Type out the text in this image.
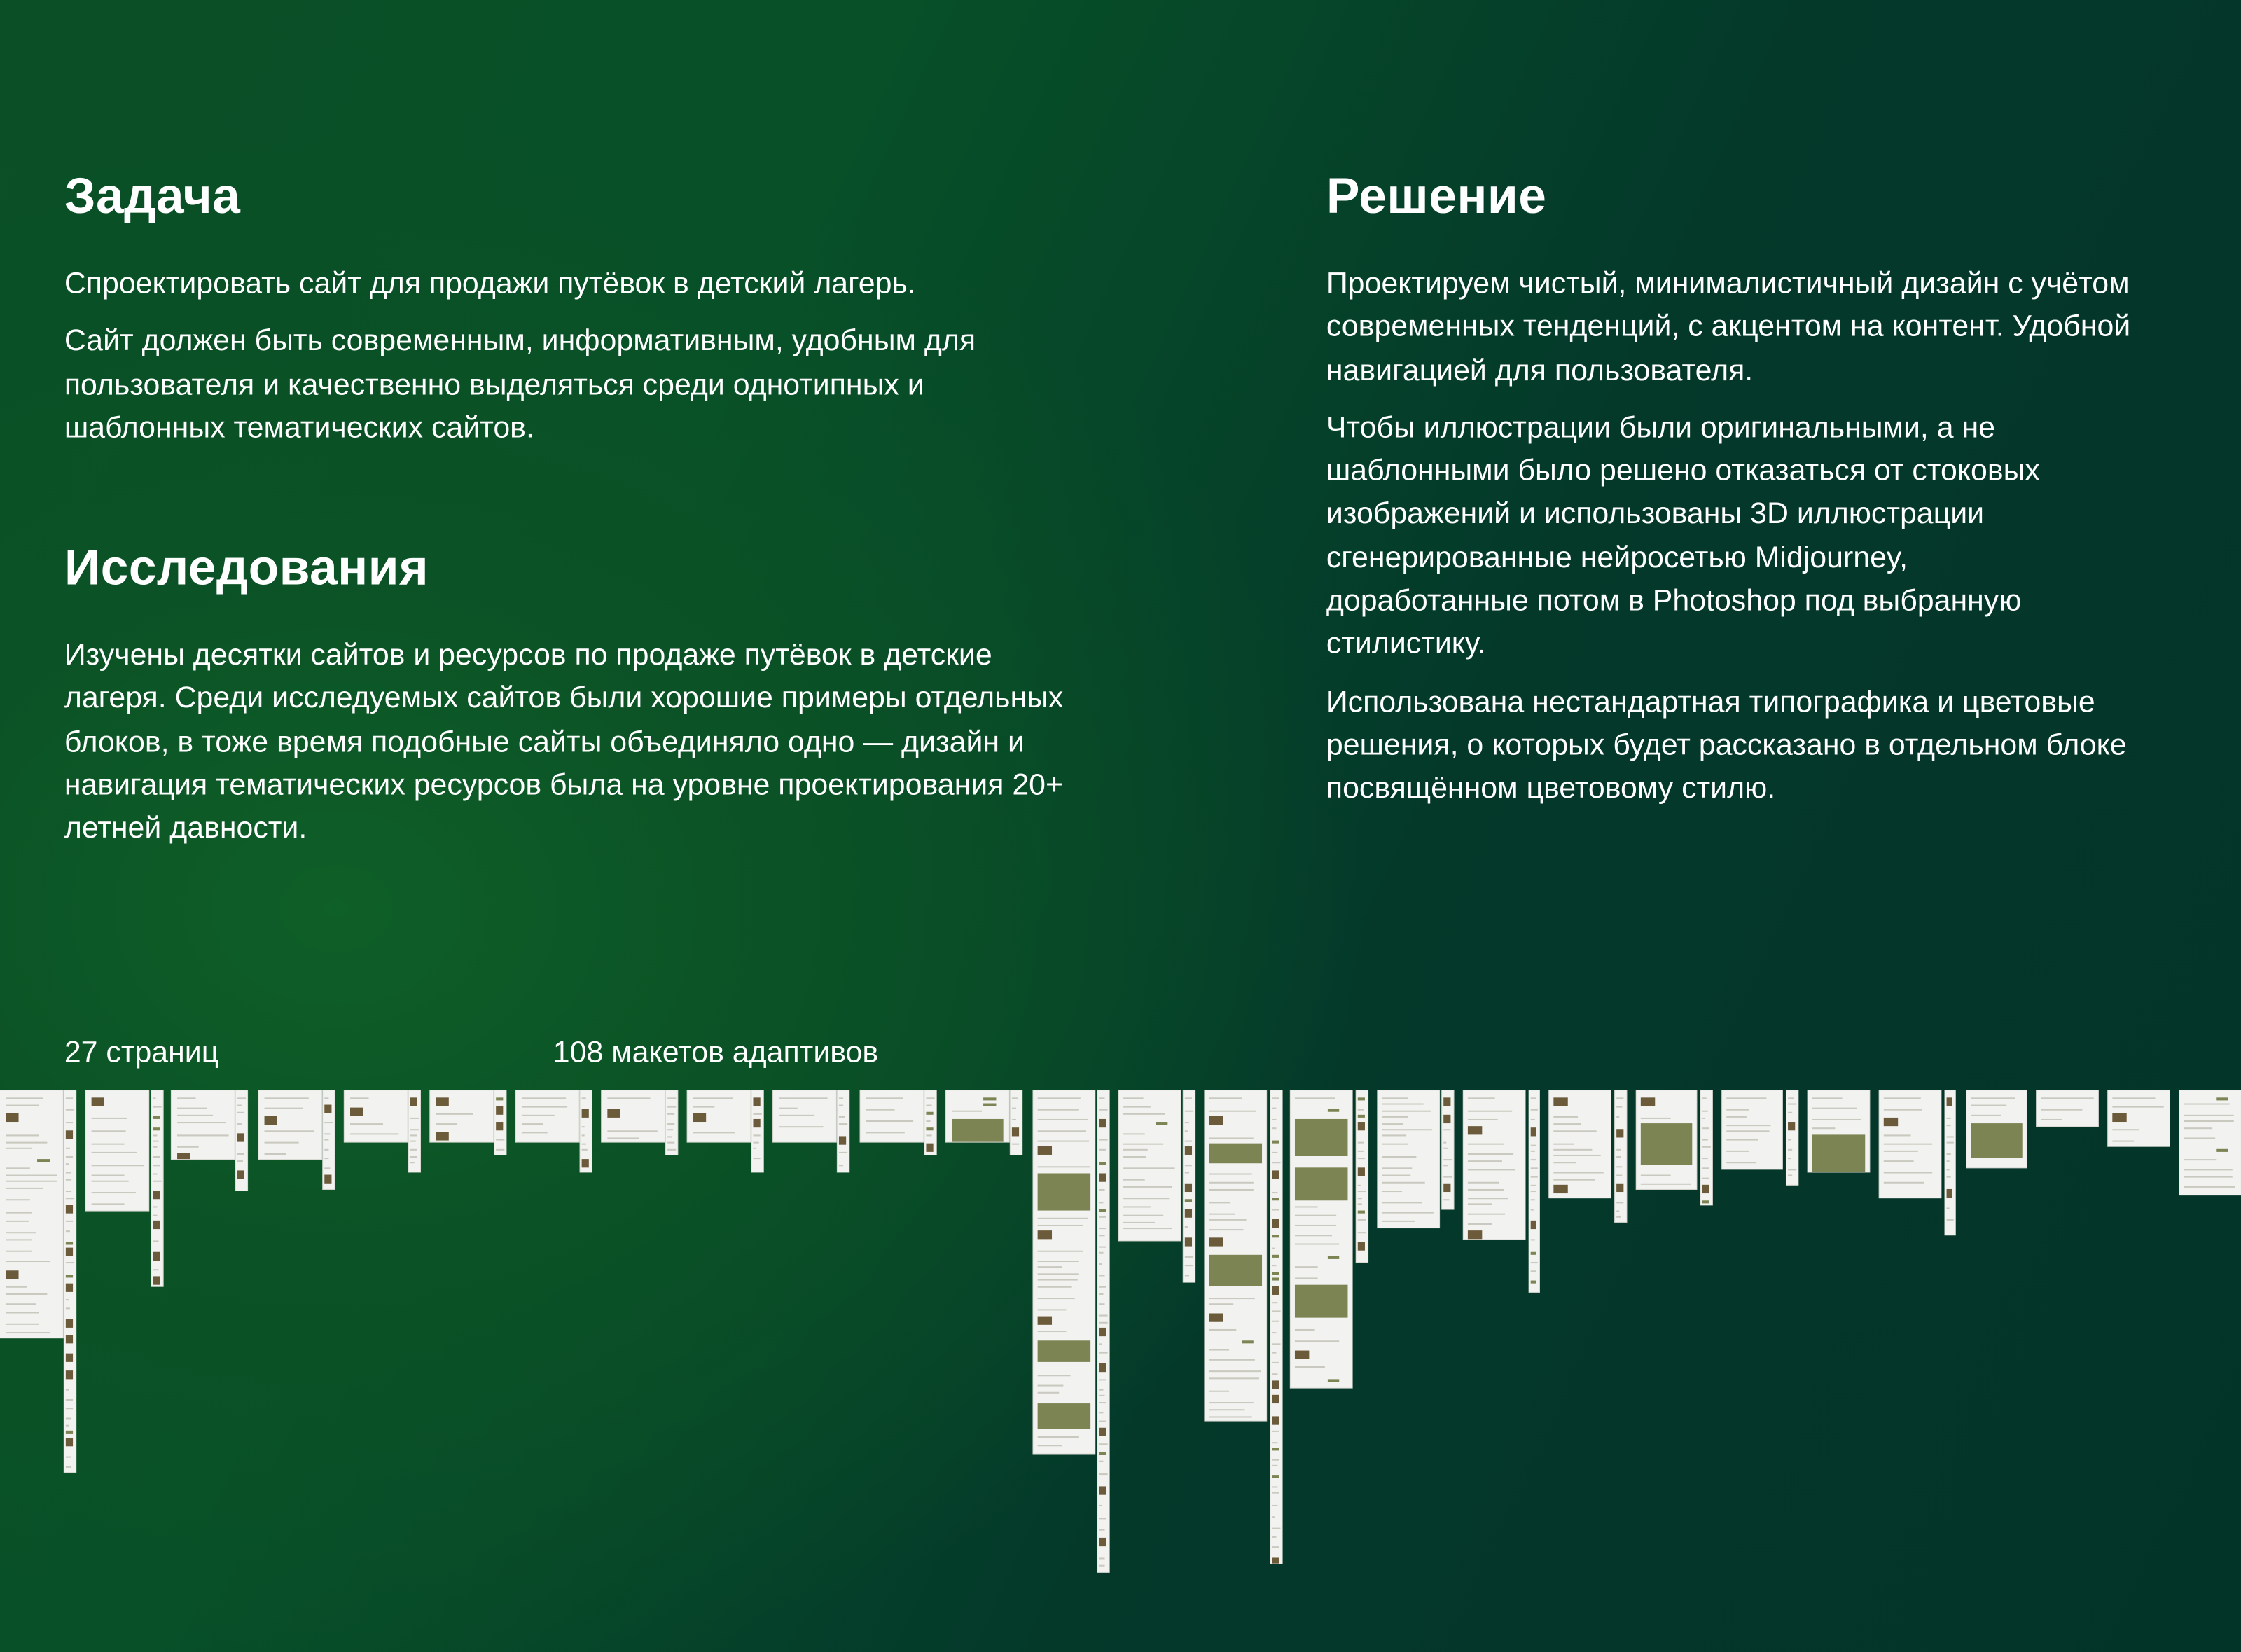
Задача

Спроектировать сайт для продажи путёвок в детский лагерь.

Сайт должен быть современным, информативным, удобным для пользователя и качественно выделяться среди однотипных и шаблонных тематических сайтов.

Исследования

Изучены десятки сайтов и ресурсов по продаже путёвок в детские лагеря. Среди исследуемых сайтов были хорошие примеры отдельных блоков, в тоже время подобные сайты объединяло одно — дизайн и навигация тематических ресурсов была на уровне проектирования 20+ летней давности.

Решение

Проектируем чистый, минималистичный дизайн с учётом современных тенденций, с акцентом на контент. Удобной навигацией для пользователя.

Чтобы иллюстрации были оригинальными, а не шаблонными было решено отказаться от стоковых изображений и использованы 3D иллюстрации сгенерированные нейросетью Midjourney, доработанные потом в Photoshop под выбранную стилистику.

Использована нестандартная типографика и цветовые решения, о которых будет рассказано в отдельном блоке посвящённом цветовому стилю.

27 страниц	108 макетов адаптивов
